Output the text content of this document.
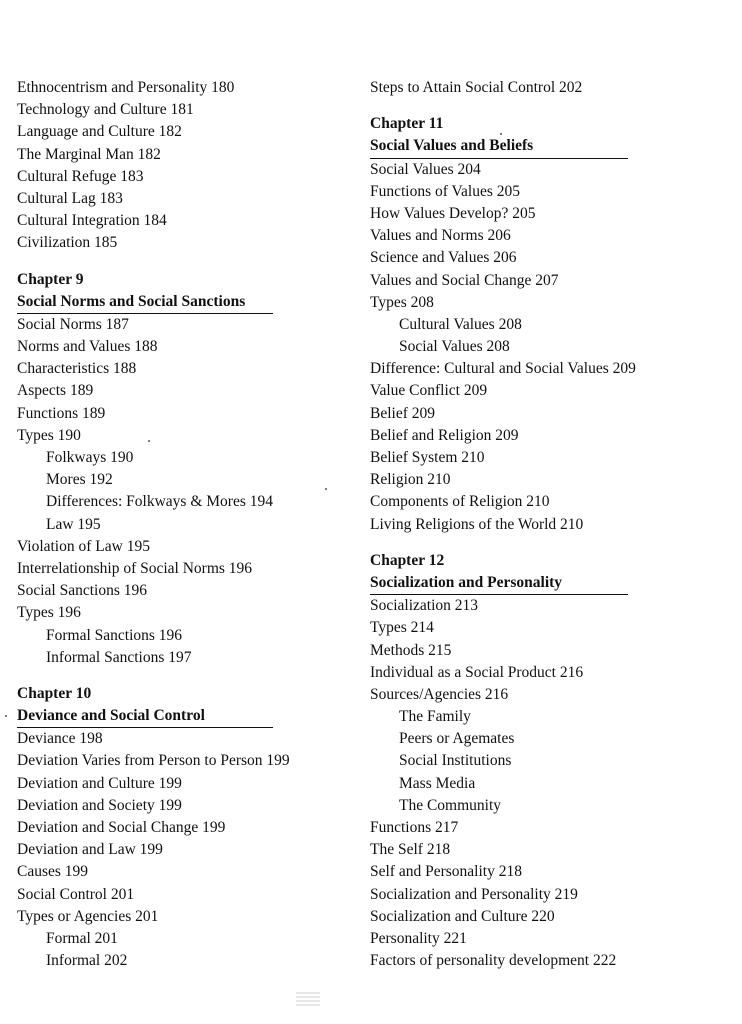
Ethnocentrism and Personality 180
Technology and Culture 181
Language and Culture 182
The Marginal Man 182
Cultural Refuge 183
Cultural Lag 183
Cultural Integration 184
Civilization 185
Chapter 9
Social Norms and Social Sanctions
Social Norms 187
Norms and Values 188
Characteristics 188
Aspects 189
Functions 189
Types 190
Folkways 190
Mores 192
Differences: Folkways & Mores 194
Law 195
Violation of Law 195
Interrelationship of Social Norms 196
Social Sanctions 196
Types 196
Formal Sanctions 196
Informal Sanctions 197
Chapter 10
Deviance and Social Control
Deviance 198
Deviation Varies from Person to Person 199
Deviation and Culture 199
Deviation and Society 199
Deviation and Social Change 199
Deviation and Law 199
Causes 199
Social Control 201
Types or Agencies 201
Formal 201
Informal 202
Steps to Attain Social Control 202
Chapter 11
Social Values and Beliefs
Social Values 204
Functions of Values 205
How Values Develop? 205
Values and Norms 206
Science and Values 206
Values and Social Change 207
Types 208
Cultural Values 208
Social Values 208
Difference: Cultural and Social Values 209
Value Conflict 209
Belief 209
Belief and Religion 209
Belief System 210
Religion 210
Components of Religion 210
Living Religions of the World 210
Chapter 12
Socialization and Personality
Socialization 213
Types 214
Methods 215
Individual as a Social Product 216
Sources/Agencies 216
The Family
Peers or Agemates
Social Institutions
Mass Media
The Community
Functions 217
The Self 218
Self and Personality 218
Socialization and Personality 219
Socialization and Culture 220
Personality 221
Factors of personality development 222
